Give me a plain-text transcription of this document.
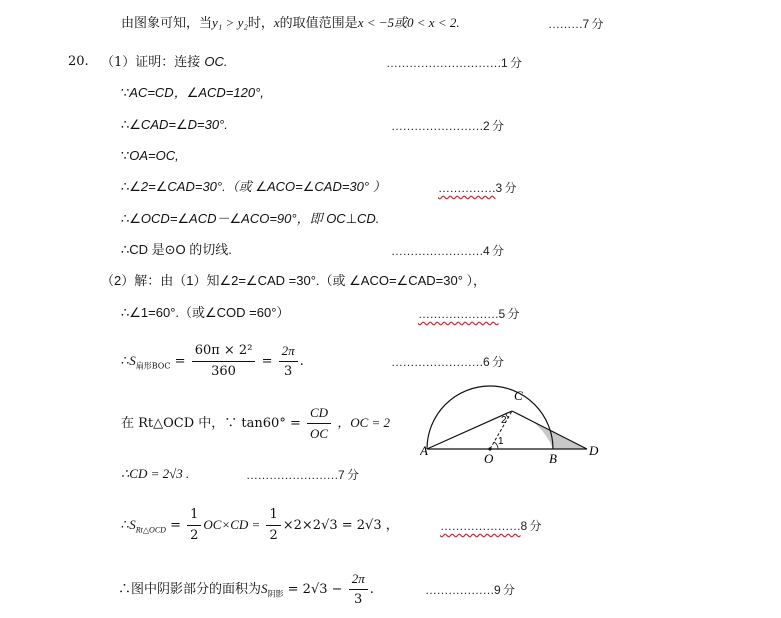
由图象可知，当y₁ > y₂时，x的取值范围是x < −5或0 < x < 2.	………7 分
20. （1）证明：连接 OC.	…………………………1 分
∵AC=CD，∠ACD=120°,
∴∠CAD=∠D=30°.	……………………2 分
∵OA=OC,
∴∠2=∠CAD=30°.（或 ∠ACO=∠CAD=30° ）	……………3 分
∴∠OCD=∠ACD－∠ACO=90°，即 OC⊥CD.
∴CD 是⊙O 的切线.	……………………4 分
（2）解：由（1）知∠2=∠CAD =30°.（或 ∠ACO=∠CAD=30° ），
∴∠1=60°.（或∠COD =60°）	…………………5 分
$\therefore S_{扇形BOC} = \frac{\text{60π × 2²}}{360} = \frac{2\pi}{3}$ .	……………………6 分
在 Rt△OCD 中，∵ $\tan 60^\circ = \frac{CD}{OC}$ ，OC = 2
∴CD = 2√3 .	……………………7 分
$\therefore S_{Rt\triangle OCD} = \frac{1}{2} OC\times CD = \frac{1}{2} \times 2\times 2√3 = 2√3$ ，	…………………8 分
∴图中阴影部分的面积为$S_{阴影} = 2√3 - \frac{2\pi}{3}$ .	………………9 分
A
O	B
D
C
1
2
